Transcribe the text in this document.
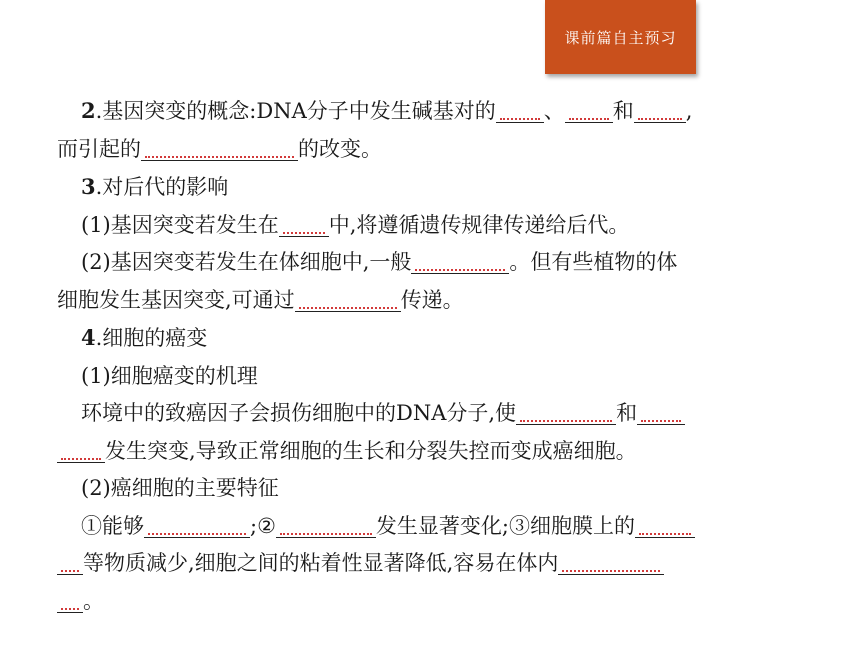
课前篇自主预习

2.基因突变的概念:DNA分子中发生碱基对的 、 和 ,

而引起的	的改变。

3.对后代的影响

(1)基因突变若发生在 中,将遵循遗传规律传递给后代。

(2)基因突变若发生在体细胞中,一般	。但有些植物的体

细胞发生基因突变,可通过	传递。

4.细胞的癌变

(1)细胞癌变的机理

环境中的致癌因子会损伤细胞中的DNA分子,使	和

发生突变,导致正常细胞的生长和分裂失控而变成癌细胞。

(2)癌细胞的主要特征

①能够	;②	发生显著变化;③细胞膜上的

等物质减少,细胞之间的粘着性显著降低,容易在体内

。
